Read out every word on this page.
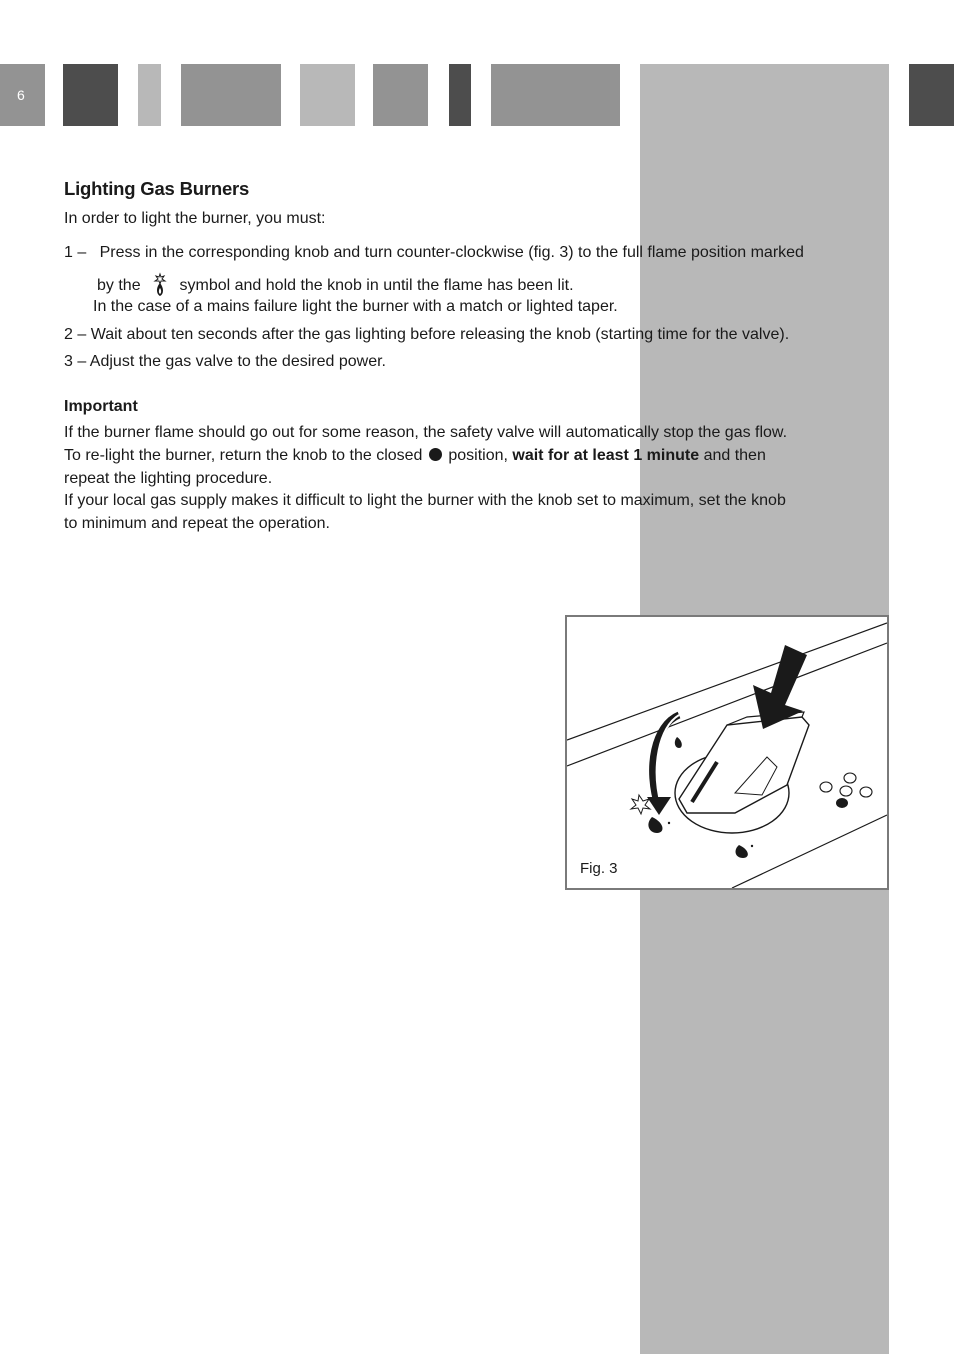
6
Lighting Gas Burners
In order to light the burner, you must:
1 – Press in the corresponding knob and turn counter-clockwise (fig. 3) to the full flame position marked
by the symbol and hold the knob in until the flame has been lit.
In the case of a mains failure light the burner with a match or lighted taper.
2 – Wait about ten seconds after the gas lighting before releasing the knob (starting time for the valve).
3 – Adjust the gas valve to the desired power.
Important
If the burner flame should go out for some reason, the safety valve will automatically stop the gas flow.
To re-light the burner, return the knob to the closed position, wait for at least 1 minute and then
repeat the lighting procedure.
If your local gas supply makes it difficult to light the burner with the knob set to maximum, set the knob
to minimum and repeat the operation.
Fig. 3
